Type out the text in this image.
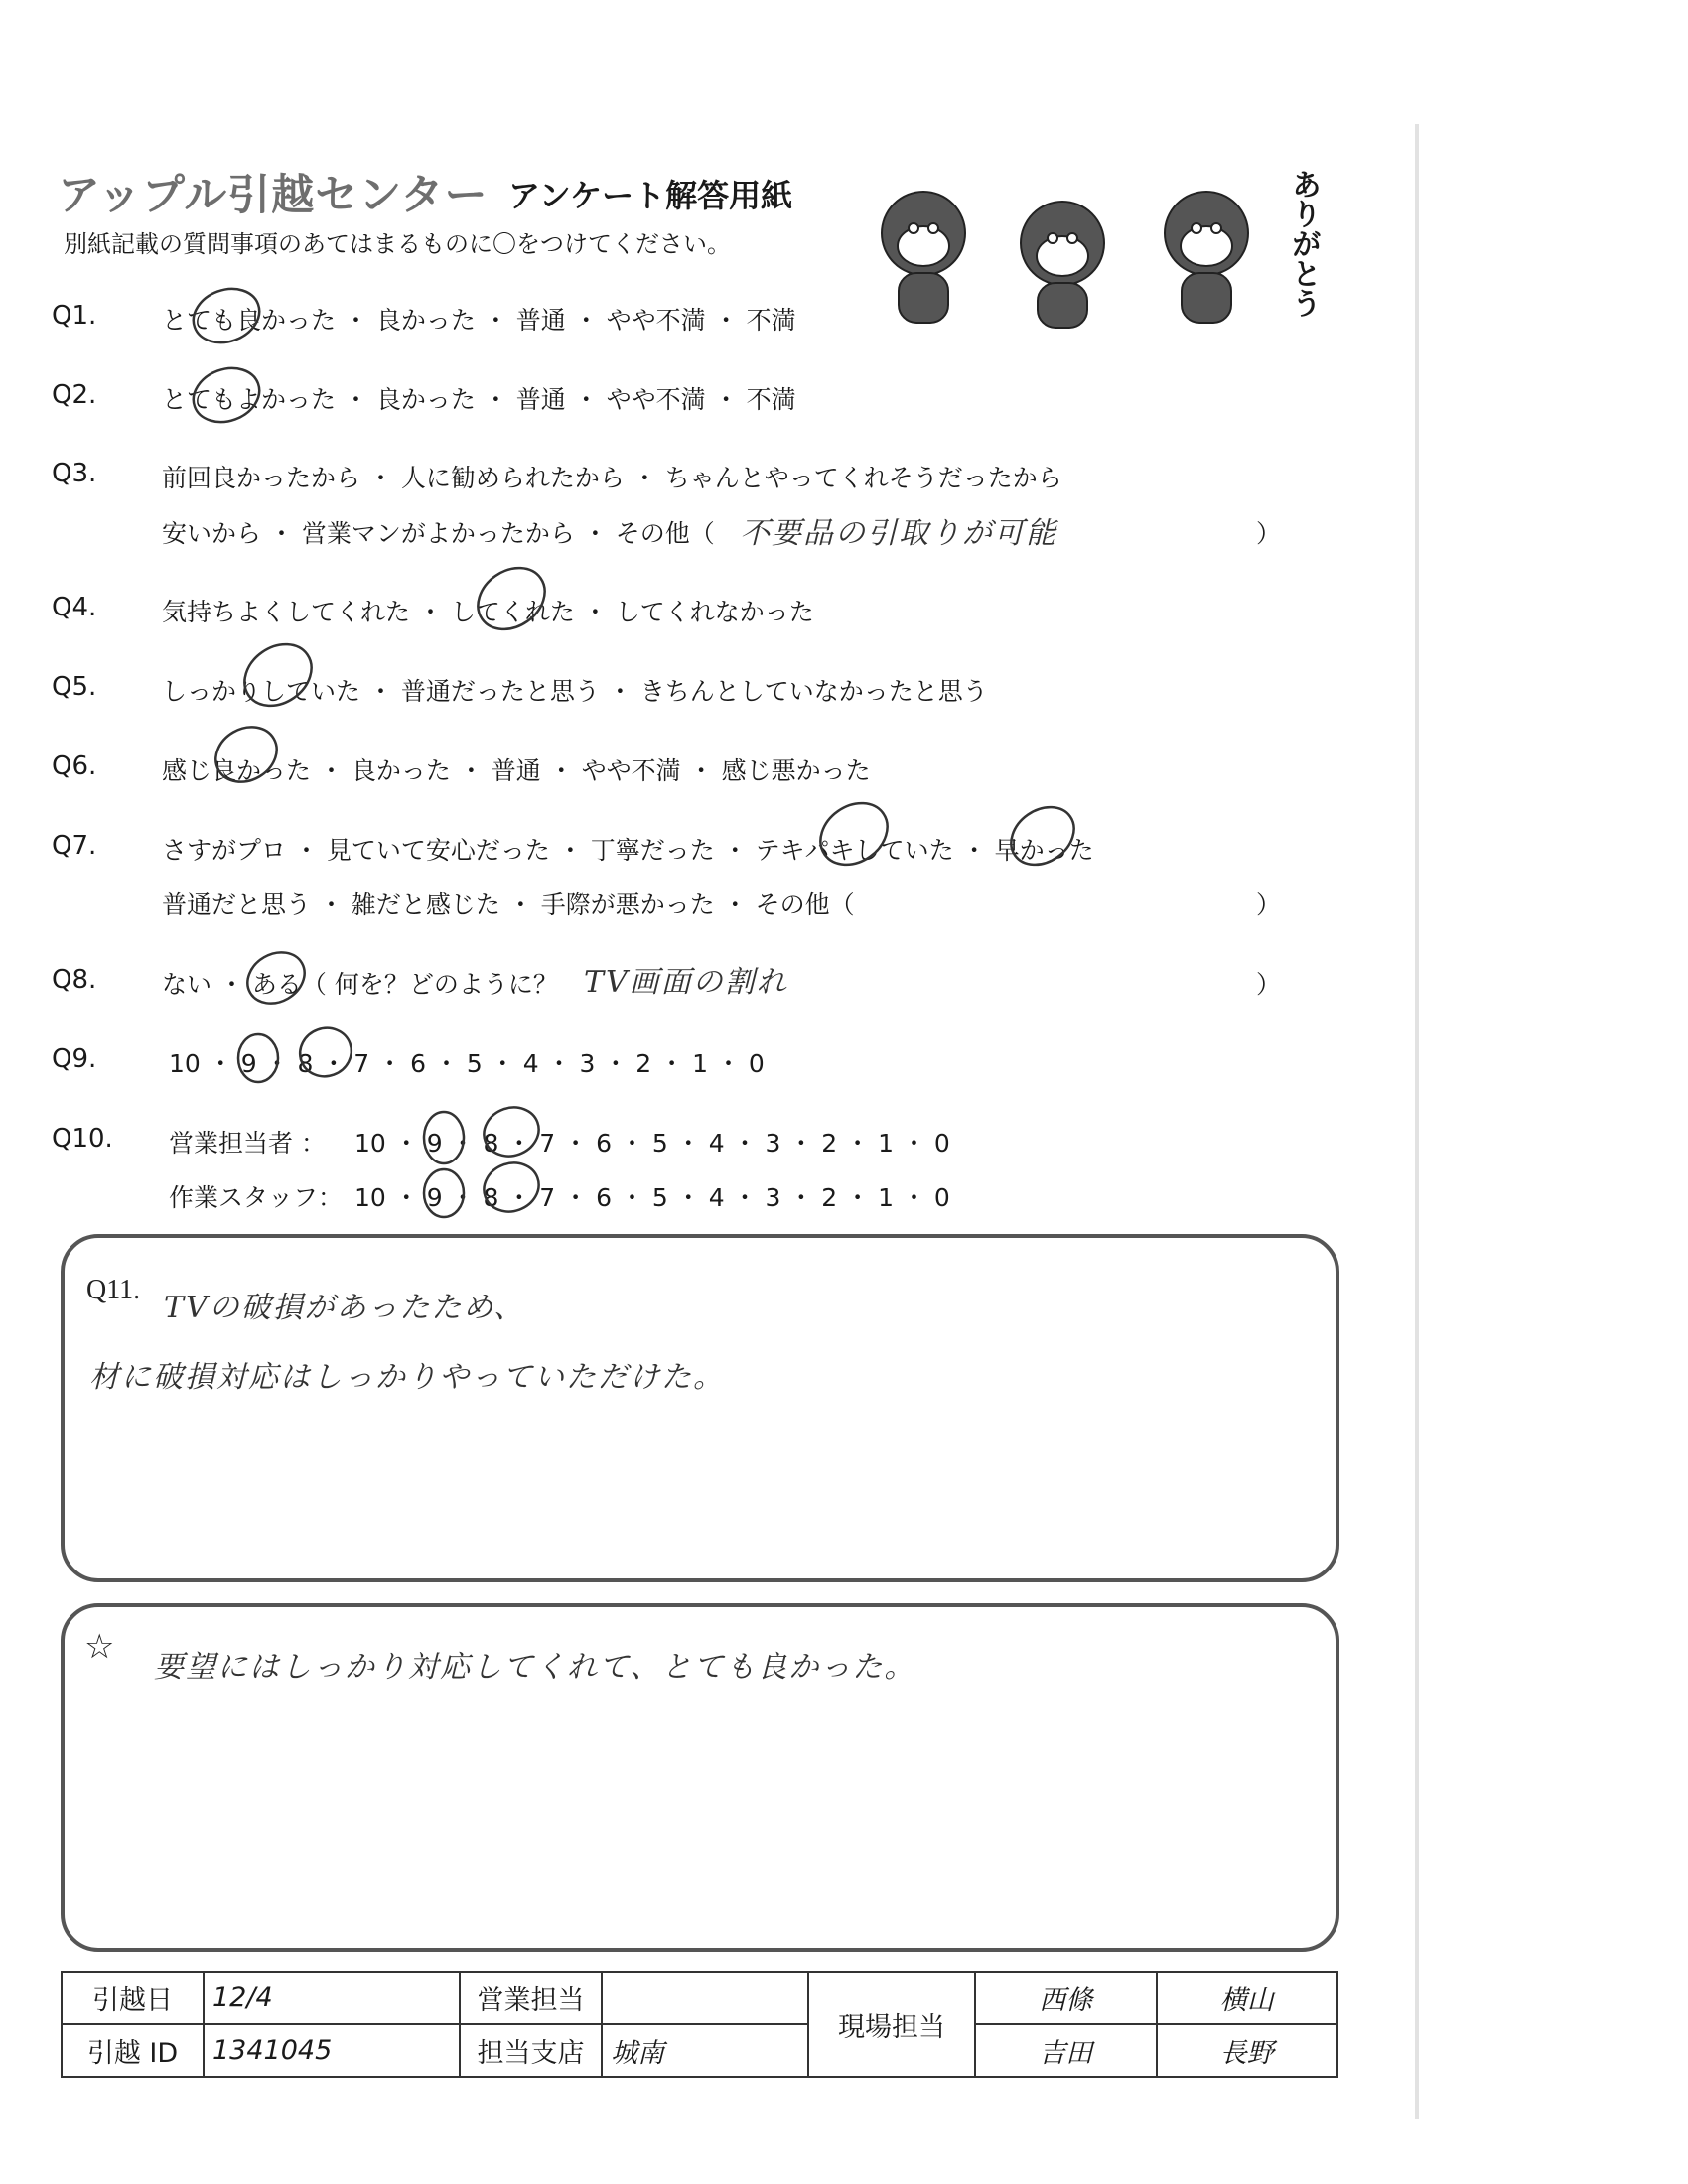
アップル引越センター アンケート解答用紙
別紙記載の質問事項のあてはまるものに〇をつけてください。	ありがとう
Q1.	とても良かった ・ 良かった ・ 普通 ・ やや不満 ・ 不満
Q2.	とてもよかった ・ 良かった ・ 普通 ・ やや不満 ・ 不満
Q3.	前回良かったから ・ 人に勧められたから ・ ちゃんとやってくれそうだったから
安いから ・ 営業マンがよかったから ・ その他（ 不要品の引取りが可能	）
Q4.	気持ちよくしてくれた ・ してくれた ・ してくれなかった
Q5.	しっかりしていた ・ 普通だったと思う ・ きちんとしていなかったと思う
Q6.	感じ良かった ・ 良かった ・ 普通 ・ やや不満 ・ 感じ悪かった
Q7.	さすがプロ ・ 見ていて安心だった ・ 丁寧だった ・ テキパキしていた ・ 早かった
普通だと思う ・ 雑だと感じた ・ 手際が悪かった ・ その他（	）
Q8.	ない ・ ある（ 何を？どのように？ TV画面の割れ	）
Q9.	10 ・ 9 ・ 8 ・ 7 ・ 6 ・ 5 ・ 4 ・ 3 ・ 2 ・ 1 ・ 0
Q10. 営業担当者 ： 10 ・ 9 ・ 8 ・ 7 ・ 6 ・ 5 ・ 4 ・ 3 ・ 2 ・ 1 ・ 0
作業スタッフ： 10 ・ 9 ・ 8 ・ 7 ・ 6 ・ 5 ・ 4 ・ 3 ・ 2 ・ 1 ・ 0
Q11.
TVの破損があったため、
材に破損対応はしっかりやっていただけた。
☆
要望にはしっかり対応してくれて、とても良かった。
引越日	12/4	営業担当		現場担当	西條	横山
引越 ID	1341045	担当支店	城南		吉田	長野
